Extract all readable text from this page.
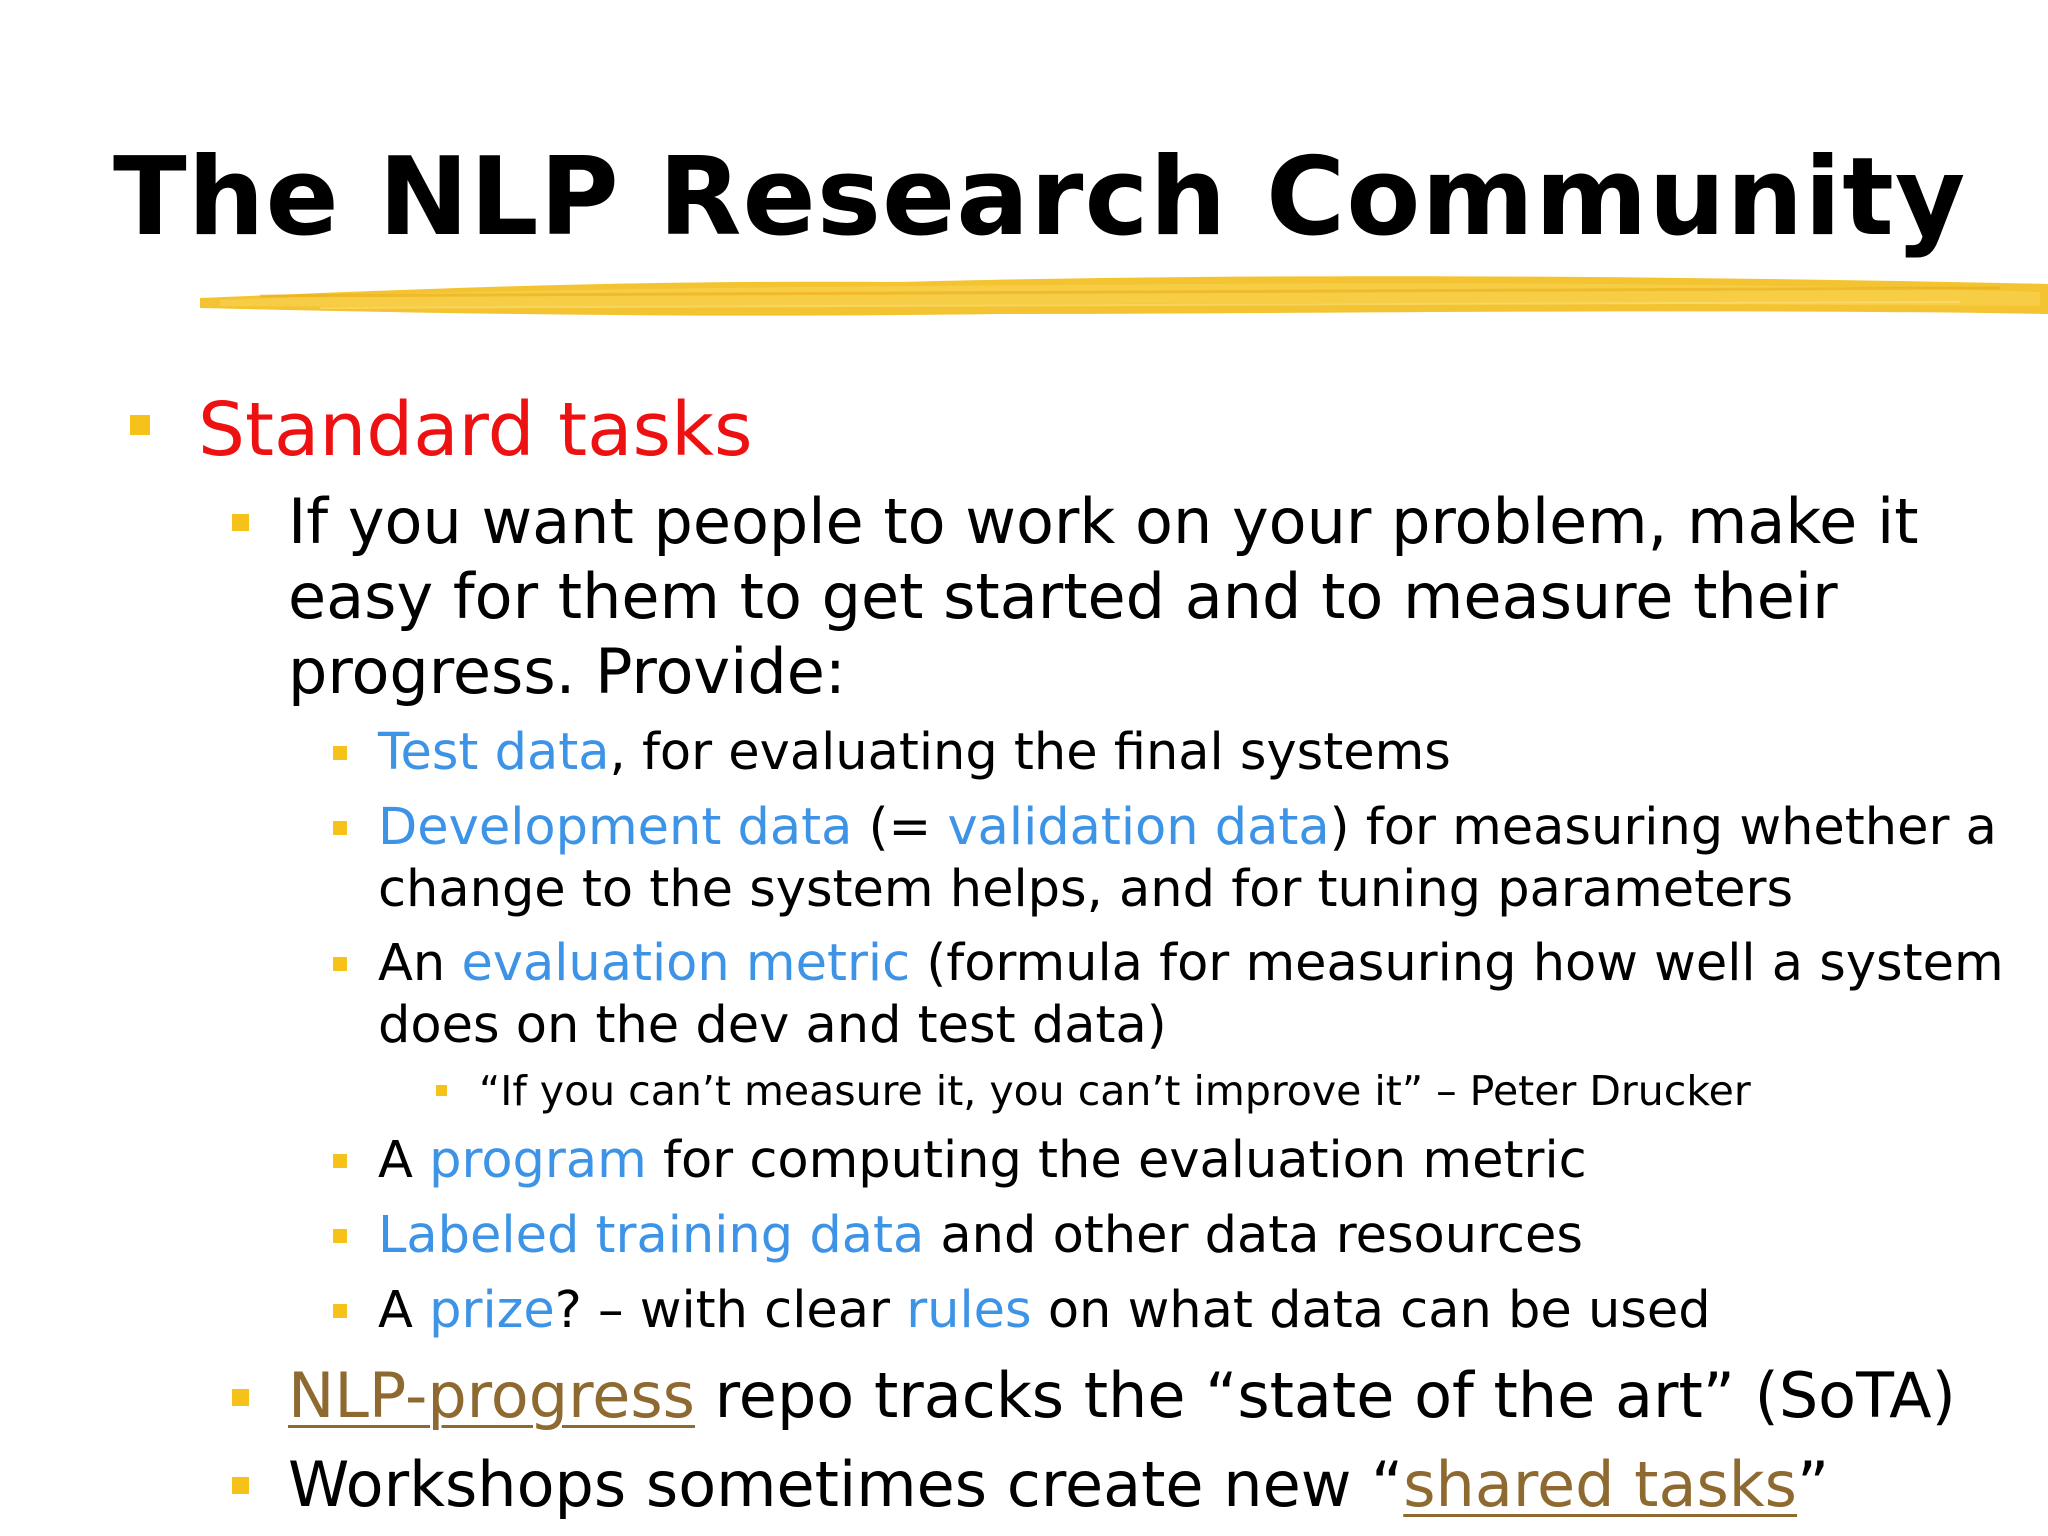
The NLP Research Community
Standard tasks
If you want people to work on your problem, make it
easy for them to get started and to measure their
progress. Provide:
Test data, for evaluating the final systems
Development data (= validation data) for measuring whether a
change to the system helps, and for tuning parameters
An evaluation metric (formula for measuring how well a system
does on the dev and test data)
“If you can’t measure it, you can’t improve it” – Peter Drucker
A program for computing the evaluation metric
Labeled training data and other data resources
A prize? – with clear rules on what data can be used
NLP-progress repo tracks the “state of the art” (SoTA)
Workshops sometimes create new “shared tasks”
